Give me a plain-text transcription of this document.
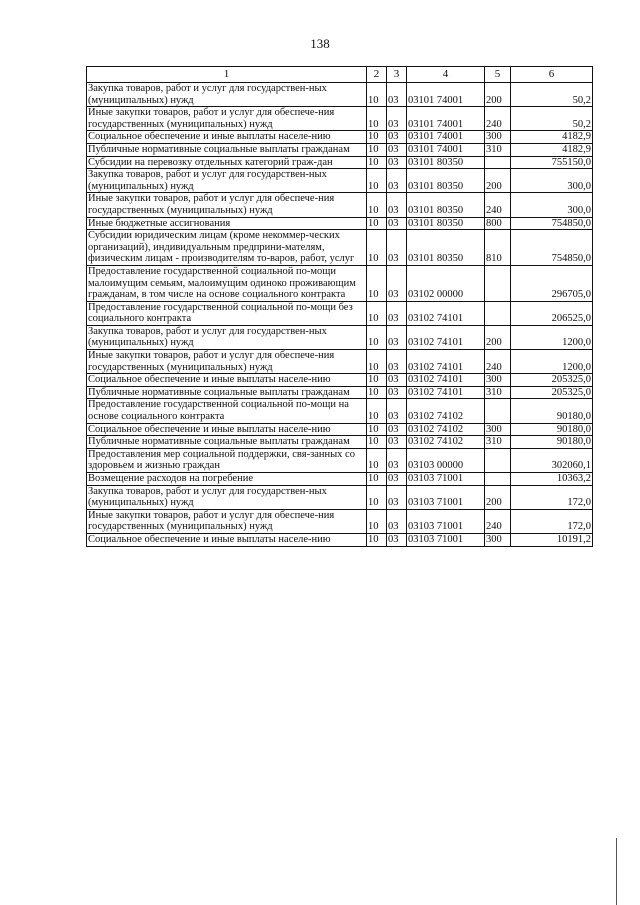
138
1	2	3	4	5	6
Закупка товаров, работ и услуг для государствен-ных (муниципальных) нужд	10	03	03101 74001	200	50,2
Иные закупки товаров, работ и услуг для обеспече-ния государственных (муниципальных) нужд	10	03	03101 74001	240	50,2
Социальное обеспечение и иные выплаты населе-нию	10	03	03101 74001	300	4182,9
Публичные нормативные социальные выплаты гражданам	10	03	03101 74001	310	4182,9
Субсидии на перевозку отдельных категорий граж-дан	10	03	03101 80350		755150,0
Закупка товаров, работ и услуг для государствен-ных (муниципальных) нужд	10	03	03101 80350	200	300,0
Иные закупки товаров, работ и услуг для обеспече-ния государственных (муниципальных) нужд	10	03	03101 80350	240	300,0
Иные бюджетные ассигнования	10	03	03101 80350	800	754850,0
Субсидии юридическим лицам (кроме некоммер-ческих организаций), индивидуальным предприни-мателям, физическим лицам - производителям то-варов, работ, услуг	10	03	03101 80350	810	754850,0
Предоставление государственной социальной по-мощи малоимущим семьям, малоимущим одиноко проживающим гражданам, в том числе на основе социального контракта	10	03	03102 00000		296705,0
Предоставление государственной социальной по-мощи без социального контракта	10	03	03102 74101		206525,0
Закупка товаров, работ и услуг для государствен-ных (муниципальных) нужд	10	03	03102 74101	200	1200,0
Иные закупки товаров, работ и услуг для обеспече-ния государственных (муниципальных) нужд	10	03	03102 74101	240	1200,0
Социальное обеспечение и иные выплаты населе-нию	10	03	03102 74101	300	205325,0
Публичные нормативные социальные выплаты гражданам	10	03	03102 74101	310	205325,0
Предоставление государственной социальной по-мощи на основе социального контракта	10	03	03102 74102		90180,0
Социальное обеспечение и иные выплаты населе-нию	10	03	03102 74102	300	90180,0
Публичные нормативные социальные выплаты гражданам	10	03	03102 74102	310	90180,0
Предоставления мер социальной поддержки, свя-занных со здоровьем и жизнью граждан	10	03	03103 00000		302060,1
Возмещение расходов на погребение	10	03	03103 71001		10363,2
Закупка товаров, работ и услуг для государствен-ных (муниципальных) нужд	10	03	03103 71001	200	172,0
Иные закупки товаров, работ и услуг для обеспече-ния государственных (муниципальных) нужд	10	03	03103 71001	240	172,0
Социальное обеспечение и иные выплаты населе-нию	10	03	03103 71001	300	10191,2
